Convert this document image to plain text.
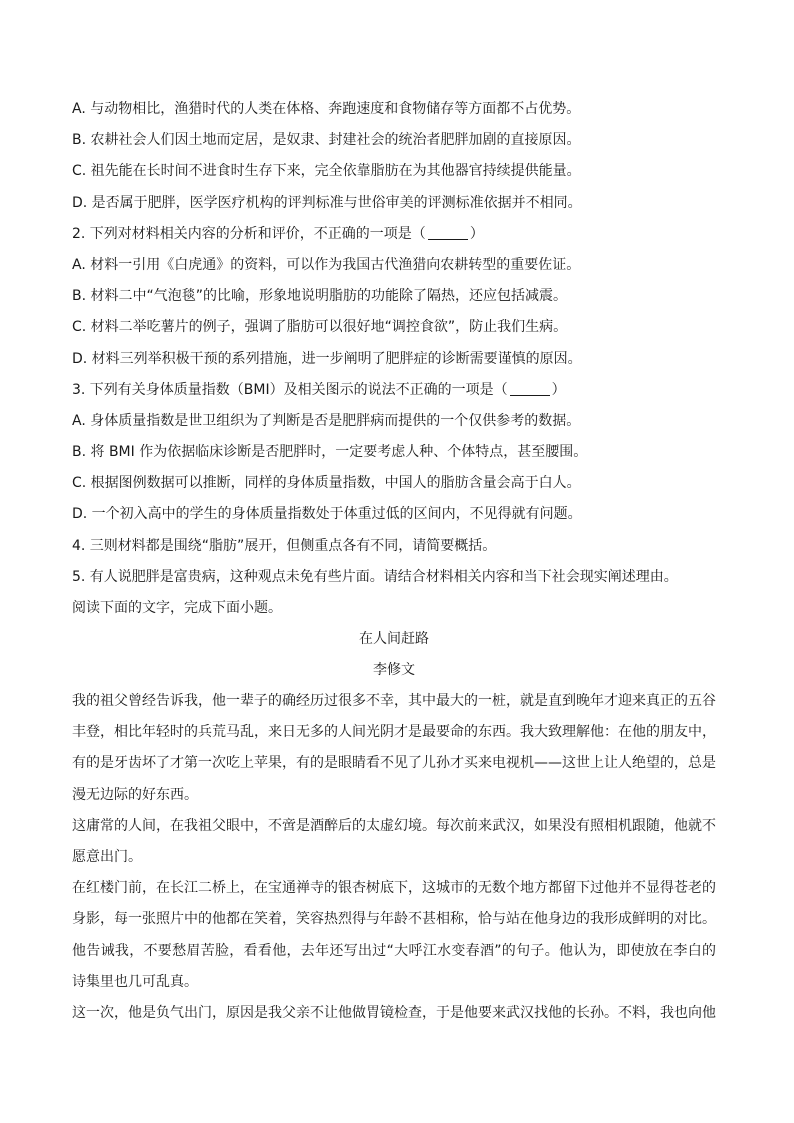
A. 与动物相比，渔猎时代的人类在体格、奔跑速度和食物储存等方面都不占优势。
B. 农耕社会人们因土地而定居，是奴隶、封建社会的统治者肥胖加剧的直接原因。
C. 祖先能在长时间不进食时生存下来，完全依靠脂肪在为其他器官持续提供能量。
D. 是否属于肥胖，医学医疗机构的评判标准与世俗审美的评测标准依据并不相同。
2. 下列对材料相关内容的分析和评价，不正确的一项是（	）
A. 材料一引用《白虎通》的资料，可以作为我国古代渔猎向农耕转型的重要佐证。
B. 材料二中“气泡毯”的比喻，形象地说明脂肪的功能除了隔热，还应包括减震。
C. 材料二举吃薯片的例子，强调了脂肪可以很好地“调控食欲”，防止我们生病。
D. 材料三列举积极干预的系列措施，进一步阐明了肥胖症的诊断需要谨慎的原因。
3. 下列有关身体质量指数（BMI）及相关图示的说法不正确的一项是（	）
A. 身体质量指数是世卫组织为了判断是否是肥胖病而提供的一个仅供参考的数据。
B. 将 BMI 作为依据临床诊断是否肥胖时，一定要考虑人种、个体特点，甚至腰围。
C. 根据图例数据可以推断，同样的身体质量指数，中国人的脂肪含量会高于白人。
D. 一个初入高中的学生的身体质量指数处于体重过低的区间内，不见得就有问题。
4. 三则材料都是围绕“脂肪”展开，但侧重点各有不同，请简要概括。
5. 有人说肥胖是富贵病，这种观点未免有些片面。请结合材料相关内容和当下社会现实阐述理由。
阅读下面的文字，完成下面小题。
在人间赶路
李修文
我的祖父曾经告诉我，他一辈子的确经历过很多不幸，其中最大的一桩，就是直到晚年才迎来真正的五谷丰登，相比年轻时的兵荒马乱，来日无多的人间光阴才是最要命的东西。我大致理解他：在他的朋友中，有的是牙齿坏了才第一次吃上苹果，有的是眼睛看不见了儿孙才买来电视机——这世上让人绝望的，总是漫无边际的好东西。
这庸常的人间，在我祖父眼中，不啻是酒醉后的太虚幻境。每次前来武汉，如果没有照相机跟随，他就不愿意出门。
在红楼门前，在长江二桥上，在宝通禅寺的银杏树底下，这城市的无数个地方都留下过他并不显得苍老的身影，每一张照片中的他都在笑着，笑容热烈得与年龄不甚相称，恰与站在他身边的我形成鲜明的对比。他告诫我，不要愁眉苦脸，看看他，去年还写出过“大呼江水变春酒”的句子。他认为，即使放在李白的诗集里也几可乱真。
这一次，他是负气出门，原因是我父亲不让他做胃镜检查，于是他要来武汉找他的长孙。不料，我也向他
